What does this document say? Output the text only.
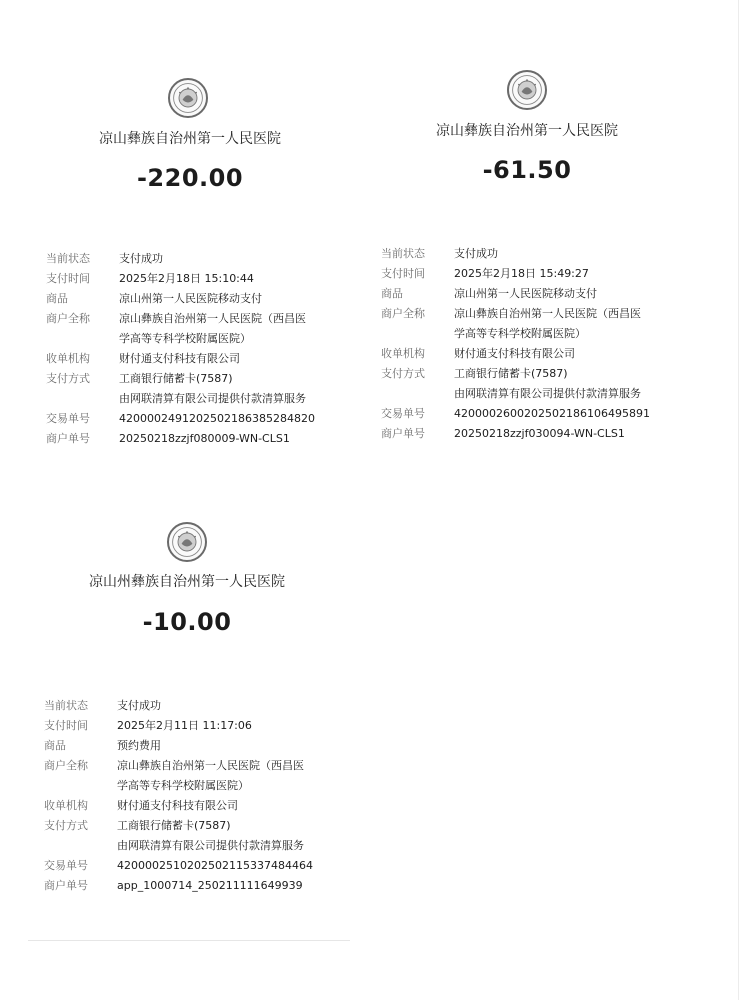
凉山彝族自治州第一人民医院
-220.00
当前状态	支付成功
支付时间	2025年2月18日 15:10:44
商品	凉山州第一人民医院移动支付
商户全称	凉山彝族自治州第一人民医院（西昌医
学高等专科学校附属医院）
收单机构	财付通支付科技有限公司
支付方式	工商银行储蓄卡(7587)
由网联清算有限公司提供付款清算服务
交易单号	4200002491202502186385284820
商户单号	20250218zzjf080009-WN-CLS1
凉山彝族自治州第一人民医院
-61.50
当前状态	支付成功
支付时间	2025年2月18日 15:49:27
商品	凉山州第一人民医院移动支付
商户全称	凉山彝族自治州第一人民医院（西昌医
学高等专科学校附属医院）
收单机构	财付通支付科技有限公司
支付方式	工商银行储蓄卡(7587)
由网联清算有限公司提供付款清算服务
交易单号	4200002600202502186106495891
商户单号	20250218zzjf030094-WN-CLS1
凉山州彝族自治州第一人民医院
-10.00
当前状态	支付成功
支付时间	2025年2月11日 11:17:06
商品	预约费用
商户全称	凉山彝族自治州第一人民医院（西昌医
学高等专科学校附属医院）
收单机构	财付通支付科技有限公司
支付方式	工商银行储蓄卡(7587)
由网联清算有限公司提供付款清算服务
交易单号	4200002510202502115337484464
商户单号	app_1000714_250211111649939
